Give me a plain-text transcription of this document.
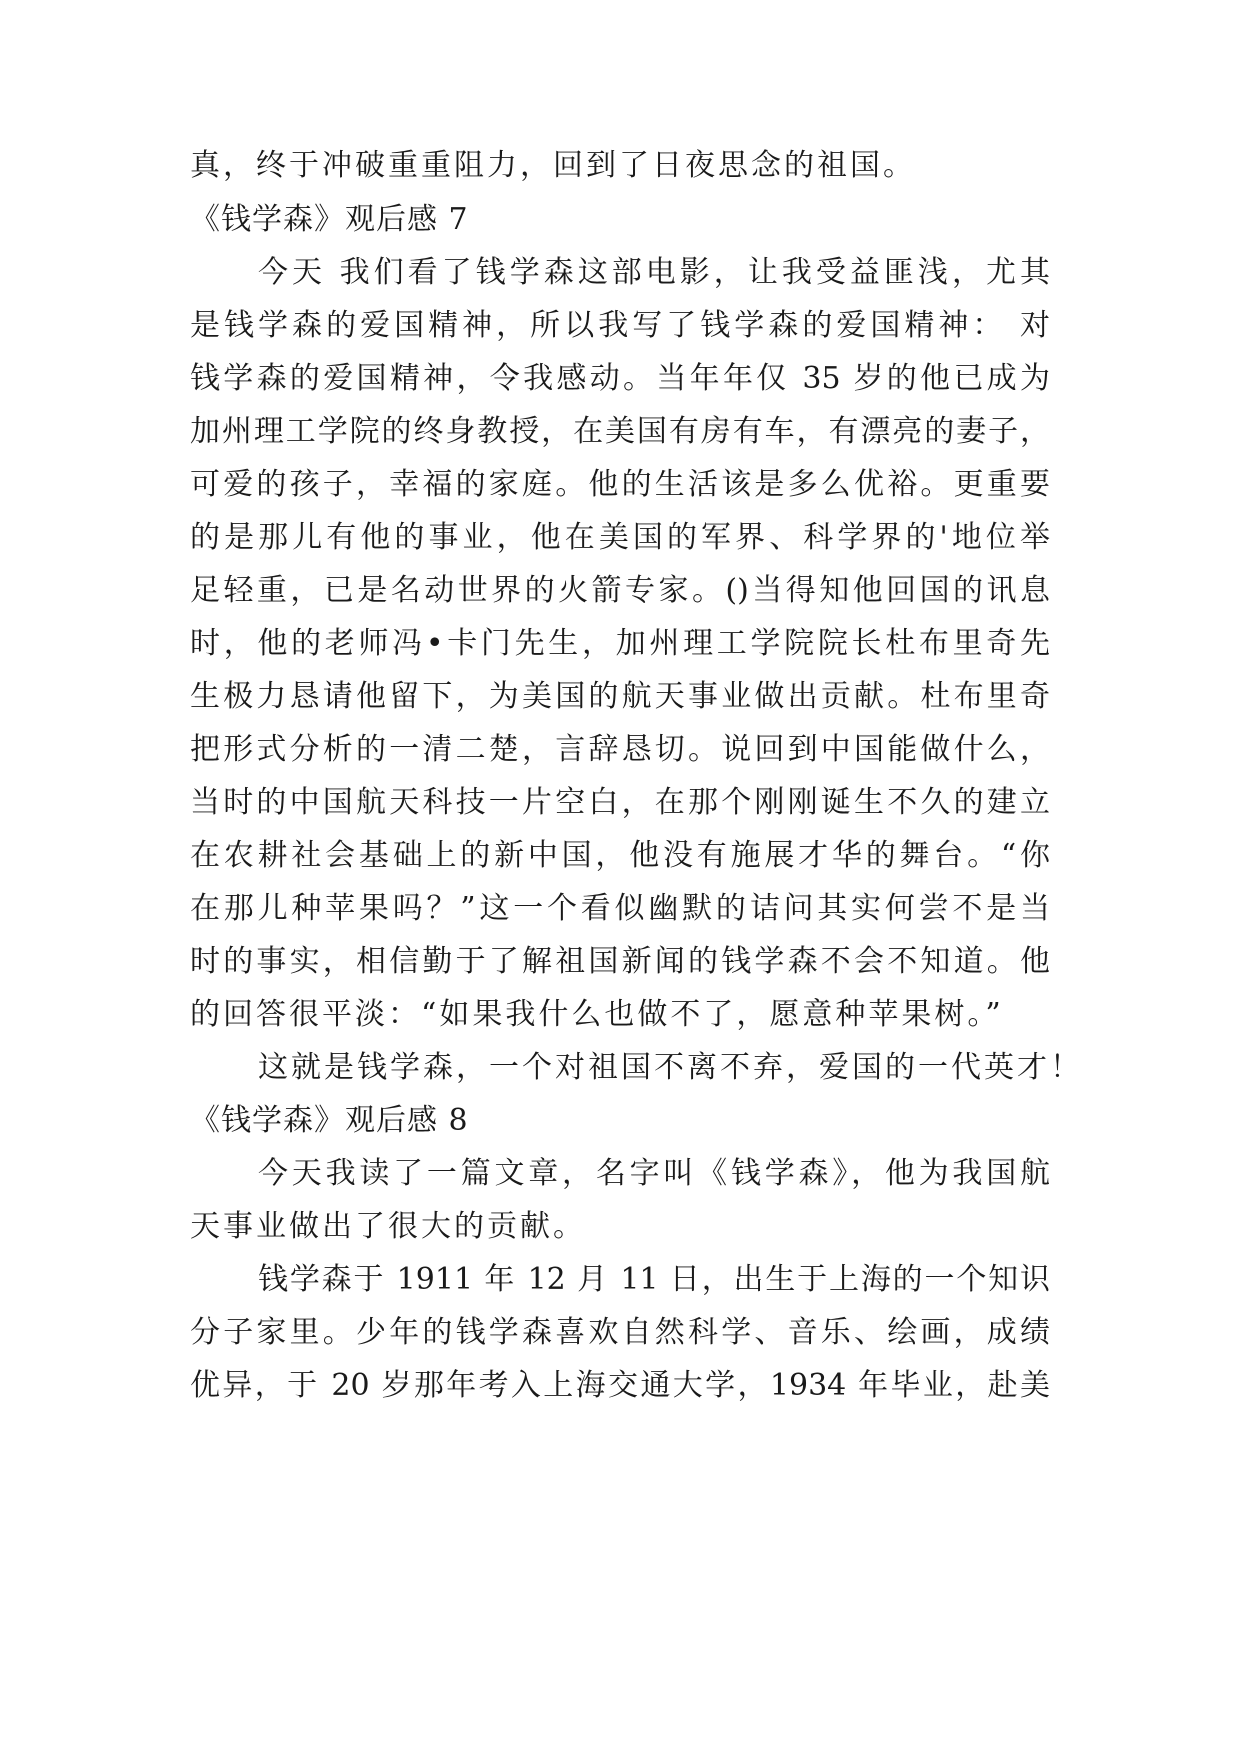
真，终于冲破重重阻力，回到了日夜思念的祖国。
《钱学森》观后感 7
今天 我们看了钱学森这部电影，让我受益匪浅，尤其
是钱学森的爱国精神，所以我写了钱学森的爱国精神： 对
钱学森的爱国精神，令我感动。当年年仅 35 岁的他已成为
加州理工学院的终身教授，在美国有房有车，有漂亮的妻子，
可爱的孩子，幸福的家庭。他的生活该是多么优裕。更重要
的是那儿有他的事业，他在美国的军界、科学界的'地位举
足轻重，已是名动世界的火箭专家。()当得知他回国的讯息
时，他的老师冯•卡门先生，加州理工学院院长杜布里奇先
生极力恳请他留下，为美国的航天事业做出贡献。杜布里奇
把形式分析的一清二楚，言辞恳切。说回到中国能做什么，
当时的中国航天科技一片空白，在那个刚刚诞生不久的建立
在农耕社会基础上的新中国，他没有施展才华的舞台。“你
在那儿种苹果吗？”这一个看似幽默的诘问其实何尝不是当
时的事实，相信勤于了解祖国新闻的钱学森不会不知道。他
的回答很平淡：“如果我什么也做不了，愿意种苹果树。”
这就是钱学森，一个对祖国不离不弃，爱国的一代英才！
《钱学森》观后感 8
今天我读了一篇文章，名字叫《钱学森》，他为我国航
天事业做出了很大的贡献。
钱学森于 1911 年 12 月 11 日，出生于上海的一个知识
分子家里。少年的钱学森喜欢自然科学、音乐、绘画，成绩
优异，于 20 岁那年考入上海交通大学，1934 年毕业，赴美
